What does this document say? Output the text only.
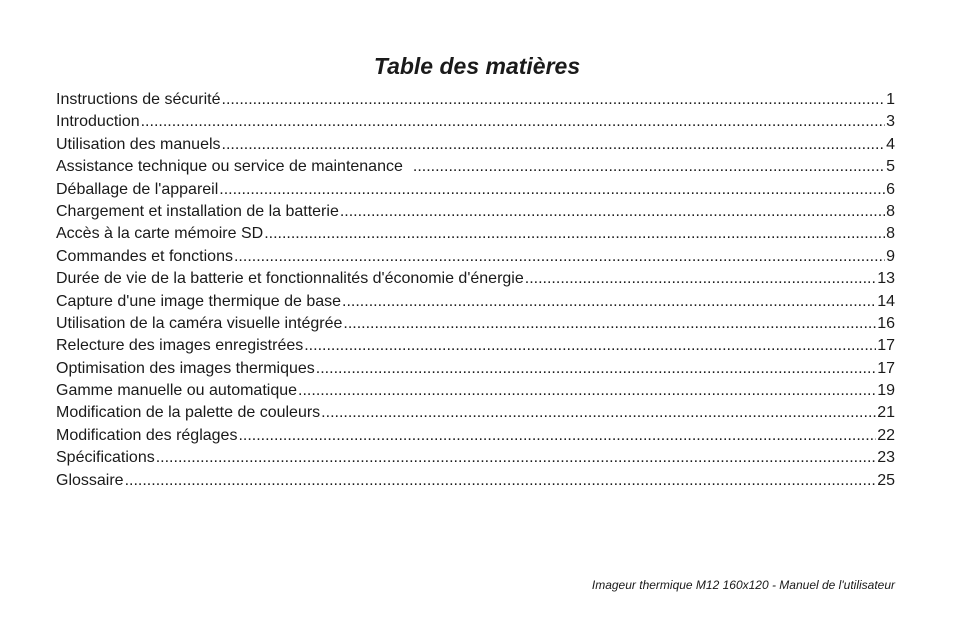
Table des matières
Instructions de sécurité .....	1
Introduction .....	3
Utilisation des manuels .....	4
Assistance technique ou service de maintenance .....	5
Déballage de l'appareil .....	6
Chargement et installation de la batterie .....	8
Accès à la carte mémoire SD .....	8
Commandes et fonctions .....	9
Durée de vie de la batterie et fonctionnalités d'économie d'énergie .....	13
Capture d'une image thermique de base .....	14
Utilisation de la caméra visuelle intégrée .....	16
Relecture des images enregistrées .....	17
Optimisation des images thermiques .....	17
Gamme manuelle ou automatique .....	19
Modification de la palette de couleurs .....	21
Modification des réglages .....	22
Spécifications .....	23
Glossaire .....	25
Imageur thermique M12 160x120 - Manuel de l'utilisateur
